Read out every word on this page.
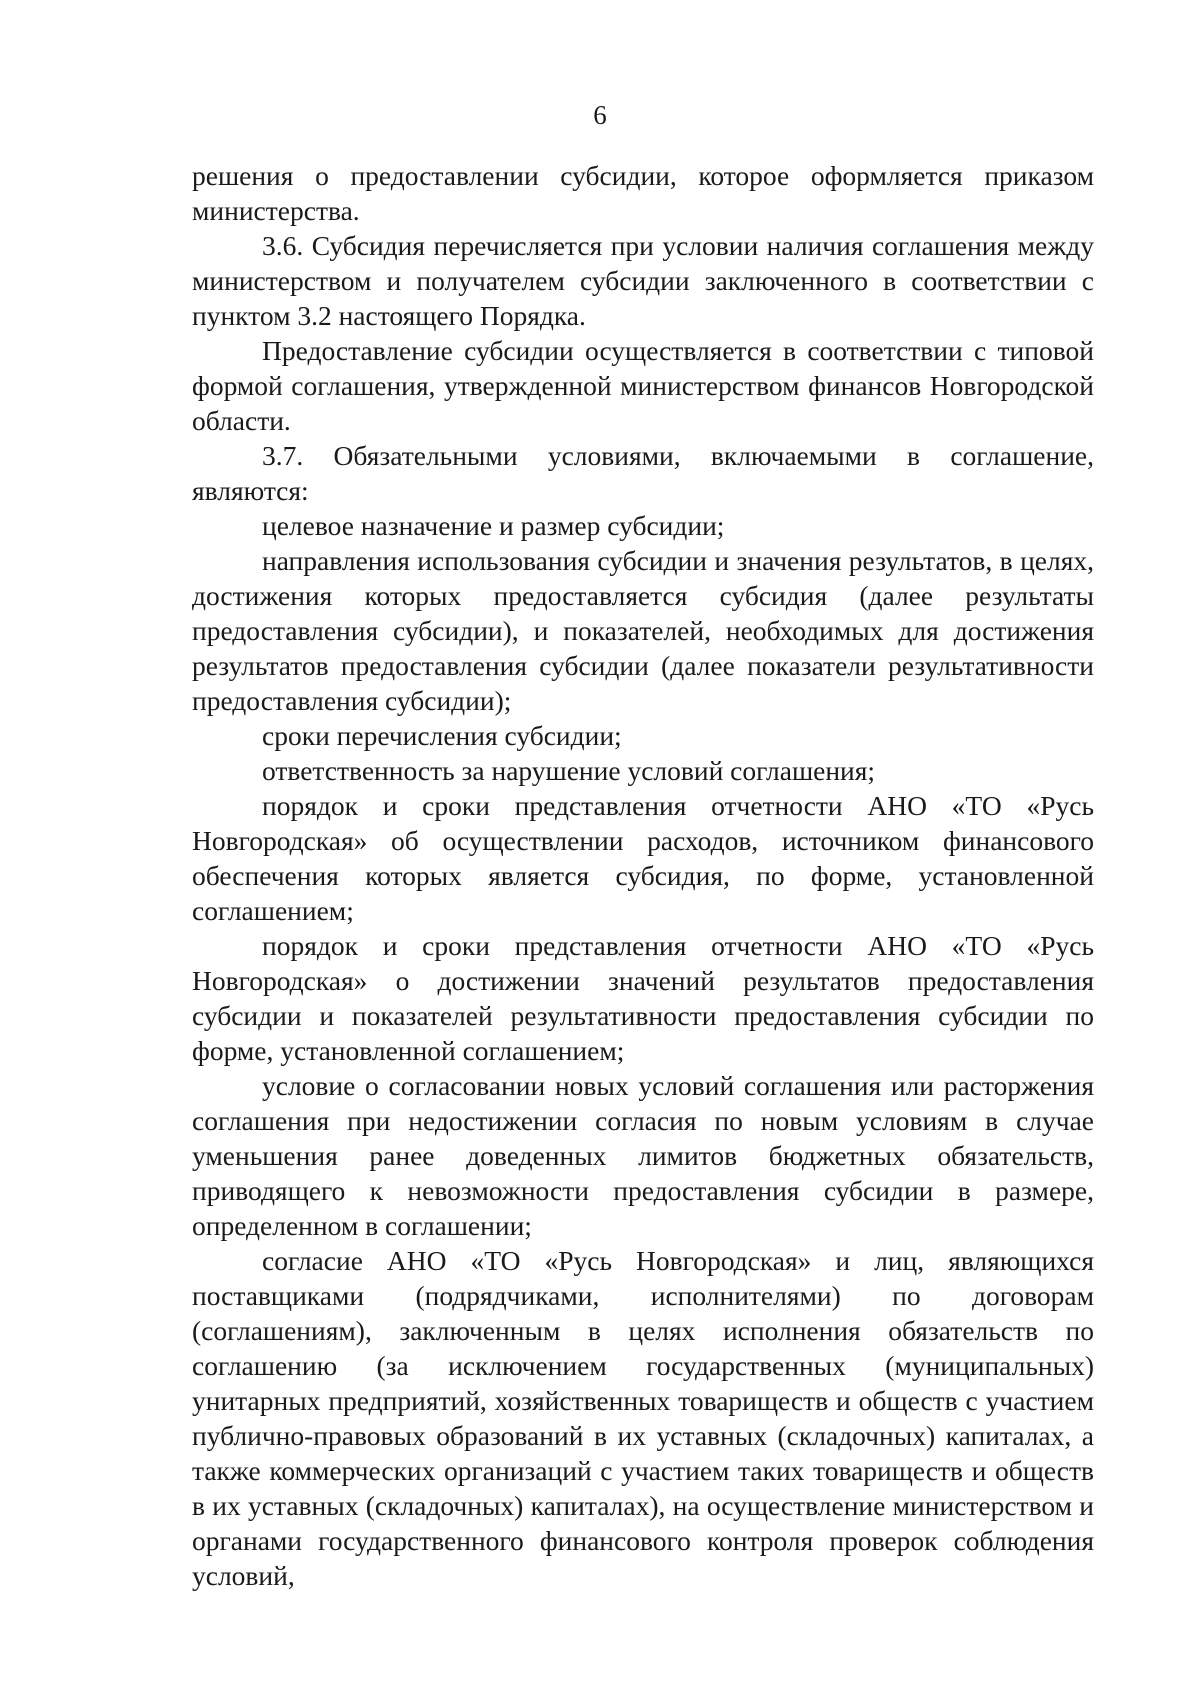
6

решения о предоставлении субсидии, которое оформляется приказом министерства.

3.6. Субсидия перечисляется при условии наличия соглашения между министерством и получателем субсидии заключенного в соответствии с пунктом 3.2 настоящего Порядка.

Предоставление субсидии осуществляется в соответствии с типовой формой соглашения, утвержденной министерством финансов Новгородской области.

3.7. Обязательными условиями, включаемыми в соглашение, являются:

целевое назначение и размер субсидии;

направления использования субсидии и значения результатов, в целях, достижения которых предоставляется субсидия (далее результаты предоставления субсидии), и показателей, необходимых для достижения результатов предоставления субсидии (далее показатели результативности предоставления субсидии);

сроки перечисления субсидии;

ответственность за нарушение условий соглашения;

порядок и сроки представления отчетности АНО «ТО «Русь Новгородская» об осуществлении расходов, источником финансового обеспечения которых является субсидия, по форме, установленной соглашением;

порядок и сроки представления отчетности АНО «ТО «Русь Новгородская» о достижении значений результатов предоставления субсидии и показателей результативности предоставления субсидии по форме, установленной соглашением;

условие о согласовании новых условий соглашения или расторжения соглашения при недостижении согласия по новым условиям в случае уменьшения ранее доведенных лимитов бюджетных обязательств, приводящего к невозможности предоставления субсидии в размере, определенном в соглашении;

согласие АНО «ТО «Русь Новгородская» и лиц, являющихся поставщиками (подрядчиками, исполнителями) по договорам (соглашениям), заключенным в целях исполнения обязательств по соглашению (за исключением государственных (муниципальных) унитарных предприятий, хозяйственных товариществ и обществ с участием публично-правовых образований в их уставных (складочных) капиталах, а также коммерческих организаций с участием таких товариществ и обществ в их уставных (складочных) капиталах), на осуществление министерством и органами государственного финансового контроля проверок соблюдения условий,
